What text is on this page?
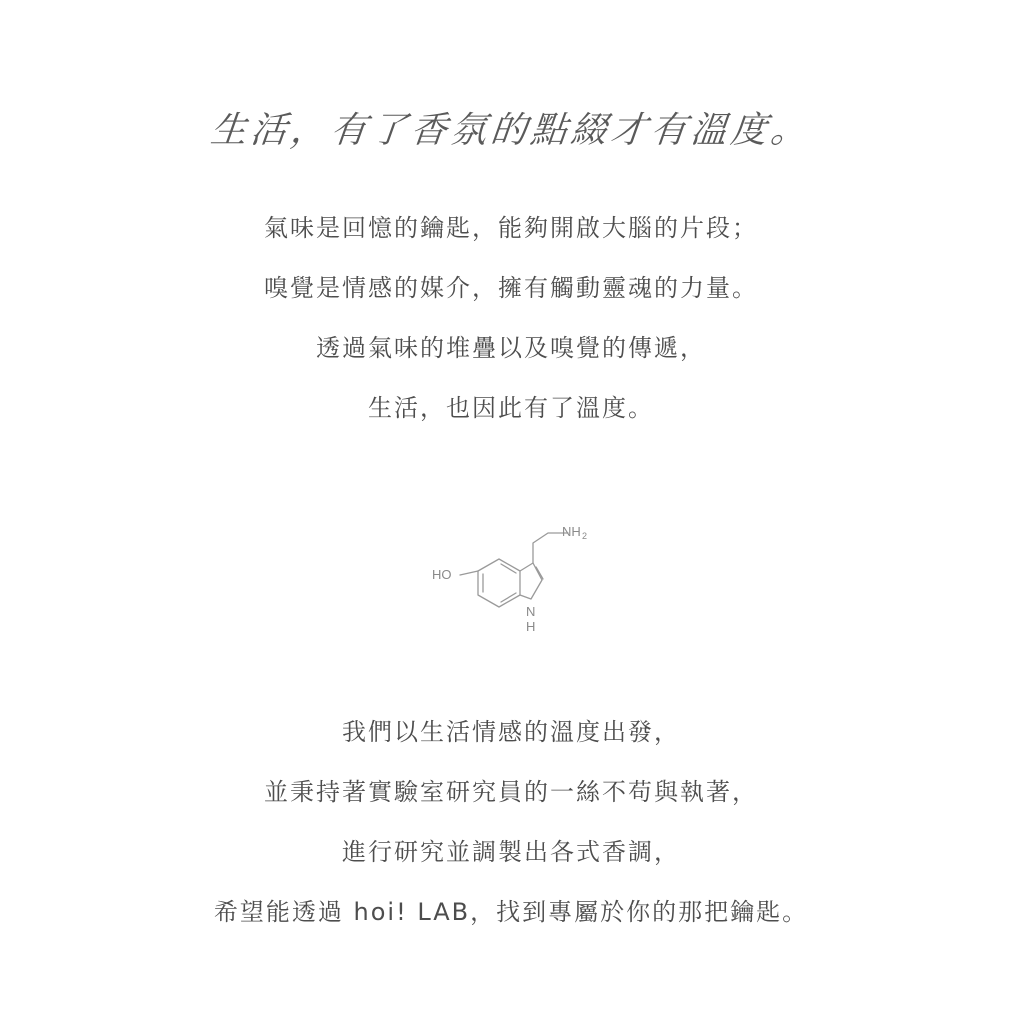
生活，有了香氛的點綴才有溫度。
氣味是回憶的鑰匙，能夠開啟大腦的片段；
嗅覺是情感的媒介，擁有觸動靈魂的力量。
透過氣味的堆疊以及嗅覺的傳遞，
生活，也因此有了溫度。
HO
NH 2
N
H
我們以生活情感的溫度出發，
並秉持著實驗室研究員的一絲不苟與執著，
進行研究並調製出各式香調，
希望能透過 hoi! LAB，找到專屬於你的那把鑰匙。
